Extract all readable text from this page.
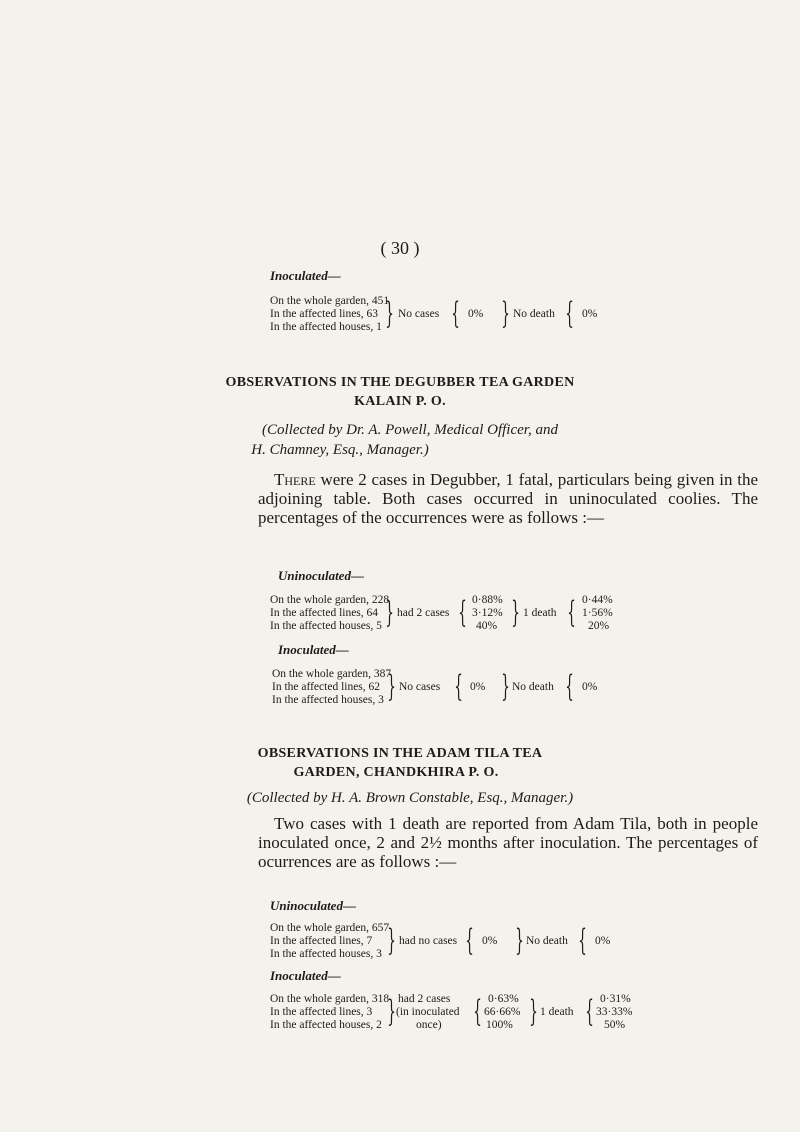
( 30 )
Inoculated—
On the whole garden, 451
In the affected lines, 63
In the affected houses, 1 } No cases { 0% } No death { 0%
OBSERVATIONS IN THE DEGUBBER TEA GARDEN
KALAIN P. O.
(Collected by Dr. A. Powell, Medical Officer, and
H. Chamney, Esq., Manager.)
There were 2 cases in Degubber, 1 fatal, particulars being given in the adjoining table. Both cases occurred in uninoculated coolies. The percentages of the occurrences were as follows :—
Uninoculated—
On the whole garden, 228
In the affected lines, 64
In the affected houses, 5 } had 2 cases { 0·88%
3·12%
40% } 1 death { 0·44%
1·56%
20%
Inoculated—
On the whole garden, 387
In the affected lines, 62
In the affected houses, 3 } No cases { 0% } No death { 0%
OBSERVATIONS IN THE ADAM TILA TEA
GARDEN, CHANDKHIRA P. O.
(Collected by H. A. Brown Constable, Esq., Manager.)
Two cases with 1 death are reported from Adam Tila, both in people inoculated once, 2 and 2½ months after inoculation. The percentages of ocurrences are as follows :—
Uninoculated—
On the whole garden, 657
In the affected lines, 7
In the affected houses, 3 } had no cases { 0% } No death { 0%
Inoculated—
On the whole garden, 318
In the affected lines, 3
In the affected houses, 2 } had 2 cases
(in inoculated
once) { 0·63%
66·66%
100% } 1 death { 0·31%
33·33%
50%
